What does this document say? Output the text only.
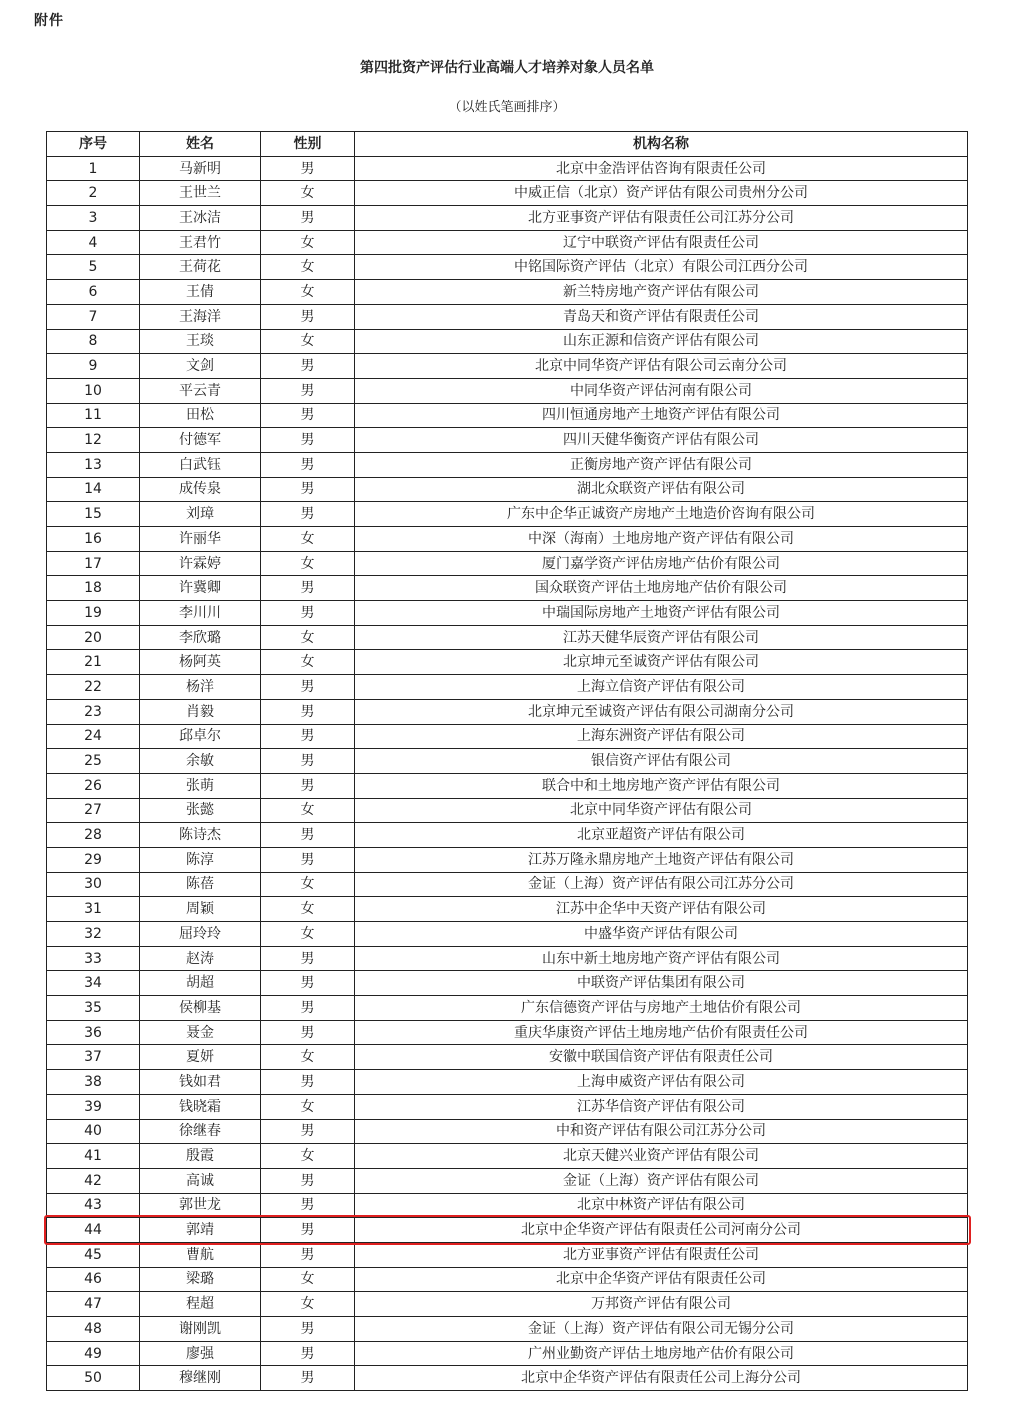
附件
第四批资产评估行业高端人才培养对象人员名单
（以姓氏笔画排序）
序号	姓名	性别	机构名称
1	马新明	男	北京中金浩评估咨询有限责任公司
2	王世兰	女	中威正信（北京）资产评估有限公司贵州分公司
3	王冰洁	男	北方亚事资产评估有限责任公司江苏分公司
4	王君竹	女	辽宁中联资产评估有限责任公司
5	王荷花	女	中铭国际资产评估（北京）有限公司江西分公司
6	王倩	女	新兰特房地产资产评估有限公司
7	王海洋	男	青岛天和资产评估有限责任公司
8	王琰	女	山东正源和信资产评估有限公司
9	文剑	男	北京中同华资产评估有限公司云南分公司
10	平云青	男	中同华资产评估河南有限公司
11	田松	男	四川恒通房地产土地资产评估有限公司
12	付德军	男	四川天健华衡资产评估有限公司
13	白武钰	男	正衡房地产资产评估有限公司
14	成传泉	男	湖北众联资产评估有限公司
15	刘璋	男	广东中企华正诚资产房地产土地造价咨询有限公司
16	许丽华	女	中深（海南）土地房地产资产评估有限公司
17	许霖婷	女	厦门嘉学资产评估房地产估价有限公司
18	许冀卿	男	国众联资产评估土地房地产估价有限公司
19	李川川	男	中瑞国际房地产土地资产评估有限公司
20	李欣璐	女	江苏天健华辰资产评估有限公司
21	杨阿英	女	北京坤元至诚资产评估有限公司
22	杨洋	男	上海立信资产评估有限公司
23	肖毅	男	北京坤元至诚资产评估有限公司湖南分公司
24	邱卓尔	男	上海东洲资产评估有限公司
25	余敏	男	银信资产评估有限公司
26	张萌	男	联合中和土地房地产资产评估有限公司
27	张懿	女	北京中同华资产评估有限公司
28	陈诗杰	男	北京亚超资产评估有限公司
29	陈淳	男	江苏万隆永鼎房地产土地资产评估有限公司
30	陈蓓	女	金证（上海）资产评估有限公司江苏分公司
31	周颖	女	江苏中企华中天资产评估有限公司
32	屈玲玲	女	中盛华资产评估有限公司
33	赵涛	男	山东中新土地房地产资产评估有限公司
34	胡超	男	中联资产评估集团有限公司
35	侯柳基	男	广东信德资产评估与房地产土地估价有限公司
36	聂金	男	重庆华康资产评估土地房地产估价有限责任公司
37	夏妍	女	安徽中联国信资产评估有限责任公司
38	钱如君	男	上海申威资产评估有限公司
39	钱晓霜	女	江苏华信资产评估有限公司
40	徐继春	男	中和资产评估有限公司江苏分公司
41	殷霞	女	北京天健兴业资产评估有限公司
42	高诚	男	金证（上海）资产评估有限公司
43	郭世龙	男	北京中林资产评估有限公司
44	郭靖	男	北京中企华资产评估有限责任公司河南分公司
45	曹航	男	北方亚事资产评估有限责任公司
46	梁璐	女	北京中企华资产评估有限责任公司
47	程超	女	万邦资产评估有限公司
48	谢刚凯	男	金证（上海）资产评估有限公司无锡分公司
49	廖强	男	广州业勤资产评估土地房地产估价有限公司
50	穆继刚	男	北京中企华资产评估有限责任公司上海分公司
